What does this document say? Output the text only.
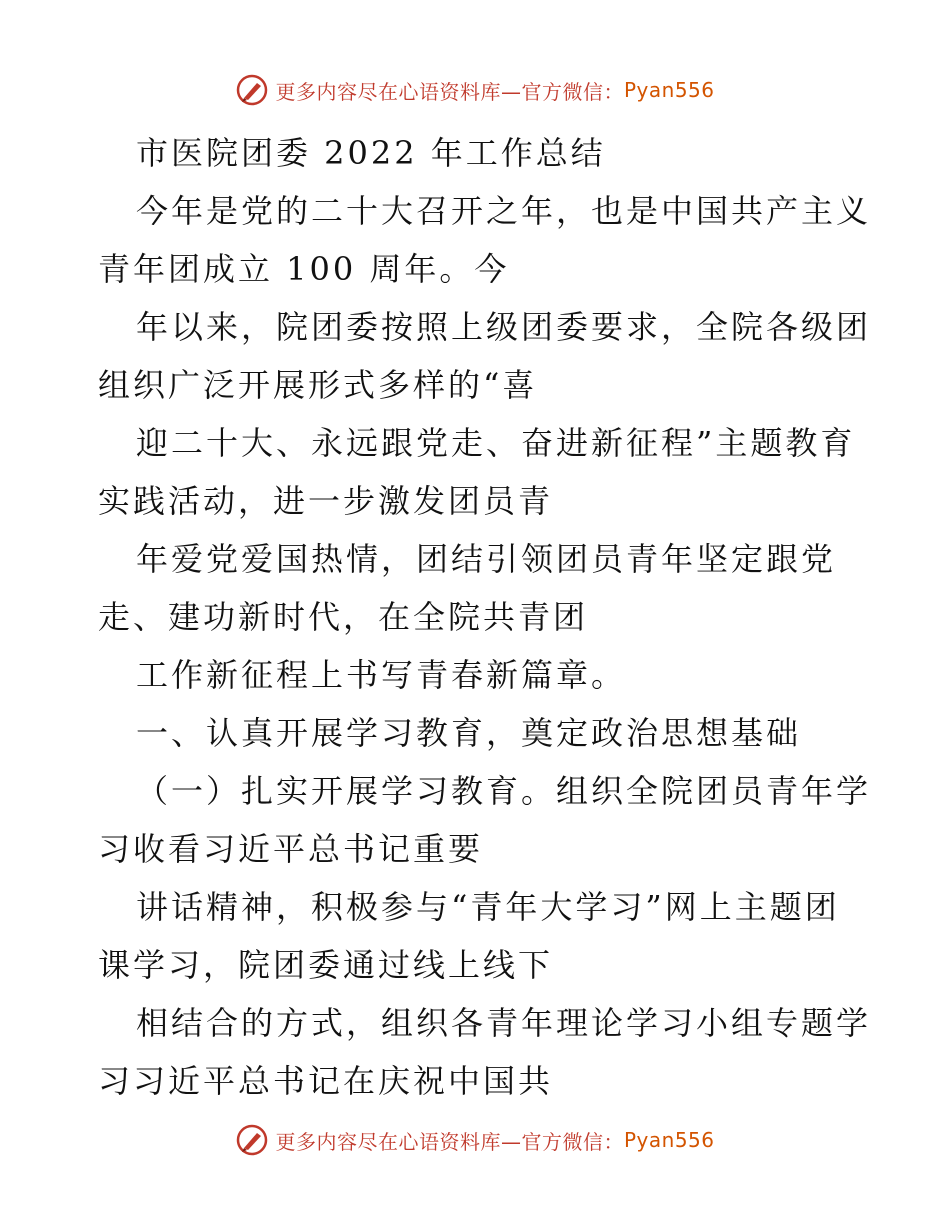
更多内容尽在心语资料库—官方微信： Pyan556
市医院团委 2022 年工作总结
今年是党的二十大召开之年，也是中国共产主义
青年团成立 100 周年。今
年以来，院团委按照上级团委要求，全院各级团
组织广泛开展形式多样的“喜
迎二十大、永远跟党走、奋进新征程”主题教育
实践活动，进一步激发团员青
年爱党爱国热情，团结引领团员青年坚定跟党
走、建功新时代，在全院共青团
工作新征程上书写青春新篇章。
一、认真开展学习教育，奠定政治思想基础
（一）扎实开展学习教育。组织全院团员青年学
习收看习近平总书记重要
讲话精神，积极参与“青年大学习”网上主题团
课学习，院团委通过线上线下
相结合的方式，组织各青年理论学习小组专题学
习习近平总书记在庆祝中国共
更多内容尽在心语资料库—官方微信： Pyan556
